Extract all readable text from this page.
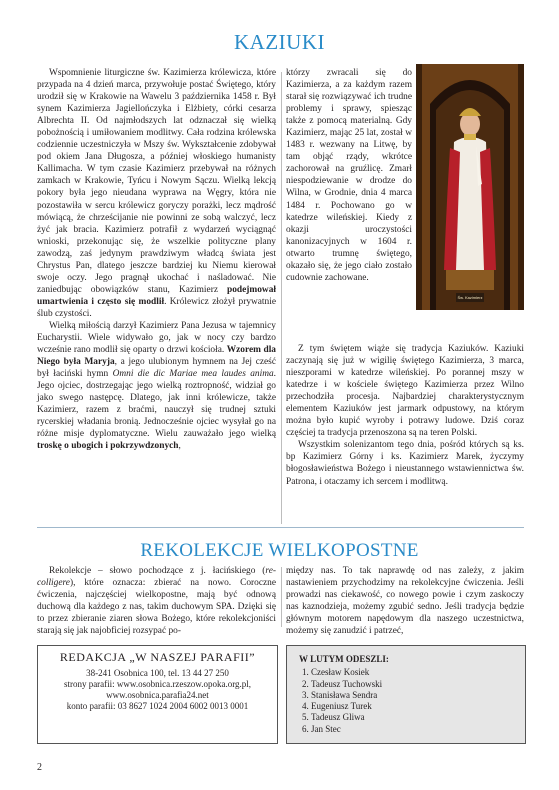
KAZIUKI

Wspomnienie liturgiczne św. Kazimierza królewicza, które przypada na 4 dzień marca, przywołuje postać Świętego, który urodził się w Krakowie na Wawelu 3 października 1458 r. Był synem Kazimierza Jagiellończyka i Elżbiety, córki cesarza Albrechta II. Od najmłodszych lat odznaczał się wielką pobożnością i umiłowaniem modlitwy. Cała rodzina królewska codziennie uczestniczyła w Mszy św. Wykształcenie zdobywał pod okiem Jana Długosza, a później włoskiego humanisty Kallimacha. W tym czasie Kazimierz przebywał na różnych zamkach w Krakowie, Tyńcu i Nowym Sączu. Wielką lekcją pokory była jego nieudana wyprawa na Węgry, która nie pozostawiła w sercu królewicz goryczy porażki, lecz mądrość mówiącą, że chrześcijanie nie powinni ze sobą walczyć, lecz żyć jak bracia. Kazimierz potrafił z wydarzeń wyciągnąć wnioski, przekonując się, że wszelkie polityczne plany zawodzą, zaś jedynym prawdziwym władcą świata jest Chrystus Pan, dlatego jeszcze bardziej ku Niemu kierował swoje oczy. Jego pragnął ukochać i naśladować. Nie zaniedbując obowiązków stanu, Kazimierz podejmował umartwienia i często się modlił. Królewicz złożył prywatnie ślub czystości.

Wielką miłością darzył Kazimierz Pana Jezusa w tajemnicy Eucharystii. Wiele widywało go, jak w nocy czy bardzo wcześnie rano modlił się oparty o drzwi kościoła. Wzorem dla Niego była Maryja, a jego ulubionym hymnem na Jej cześć był łaciński hymn Omni die dic Mariae mea laudes anima. Jego ojciec, dostrzegając jego wielką roztropność, widział go jako swego następcę. Dlatego, jak inni królewicze, także Kazimierz, razem z braćmi, nauczył się trudnej sztuki rycerskiej władania bronią. Jednocześnie ojciec wysyłał go na różne misje dyplomatyczne. Wielu zauważało jego wielką troskę o ubogich i pokrzywdzonych,

którzy zwracali się do Kazimierza, a za każdym razem starał się rozwiązywać ich trudne problemy i sprawy, spiesząc także z pomocą materialną. Gdy Kazimierz, mając 25 lat, został w 1483 r. wezwany na Litwę, by tam objąć rządy, wkrótce zachorował na gruźlicę. Zmarł niespodziewanie w drodze do Wilna, w Grodnie, dnia 4 marca 1484 r. Pochowano go w katedrze wileńskiej. Kiedy z okazji uroczystości kanonizacyjnych w 1604 r. otwarto trumnę świętego, okazało się, że jego ciało zostało cudownie zachowane.

Św. Kazimierz

Z tym świętem wiąże się tradycja Kaziuków. Kaziuki zaczynają się już w wigilię świętego Kazimierza, 3 marca, nieszporami w katedrze wileńskiej. Po porannej mszy w katedrze i w kościele świętego Kazimierza przez Wilno przechodziła procesja. Najbardziej charakterystycznym elementem Kaziuków jest jarmark odpustowy, na którym można było kupić wyroby i potrawy ludowe. Dziś coraz częściej ta tradycja przenoszona są na teren Polski.

Wszystkim solenizantom tego dnia, pośród których są ks. bp Kazimierz Górny i ks. Kazimierz Marek, życzymy błogosławieństwa Bożego i nieustannego wstawiennictwa św. Patrona, i otaczamy ich sercem i modlitwą.

REKOLEKCJE WIELKOPOSTNE

Rekolekcje – słowo pochodzące z j. łacińskiego (re-colligere), które oznacza: zbierać na nowo. Coroczne ćwiczenia, najczęściej wielkopostne, mają być odnową duchową dla każdego z nas, takim duchowym SPA. Dzięki się to przez zbieranie ziaren słowa Bożego, które rekolekcjoniści starają się jak najobficiej rozsypać po-

między nas. To tak naprawdę od nas zależy, z jakim nastawieniem przychodzimy na rekolekcyjne ćwiczenia. Jeśli prowadzi nas ciekawość, co nowego powie i czym zaskoczy nas kaznodzieja, możemy zgubić sedno. Jeśli tradycja będzie głównym motorem napędowym dla naszego uczestnictwa, możemy się zanudzić i patrzeć,

REDAKCJA „W NASZEJ PARAFII”
38-241 Osobnica 100, tel. 13 44 27 250
strony parafii: www.osobnica.rzeszow.opoka.org.pl,
www.osobnica.parafia24.net
konto parafii: 03 8627 1024 2004 6002 0013 0001
W LUTYM ODESZLI:
1. Czesław Kosiek
2. Tadeusz Tuchowski
3. Stanisława Sendra
4. Eugeniusz Turek
5. Tadeusz Gliwa
6. Jan Stec
2
